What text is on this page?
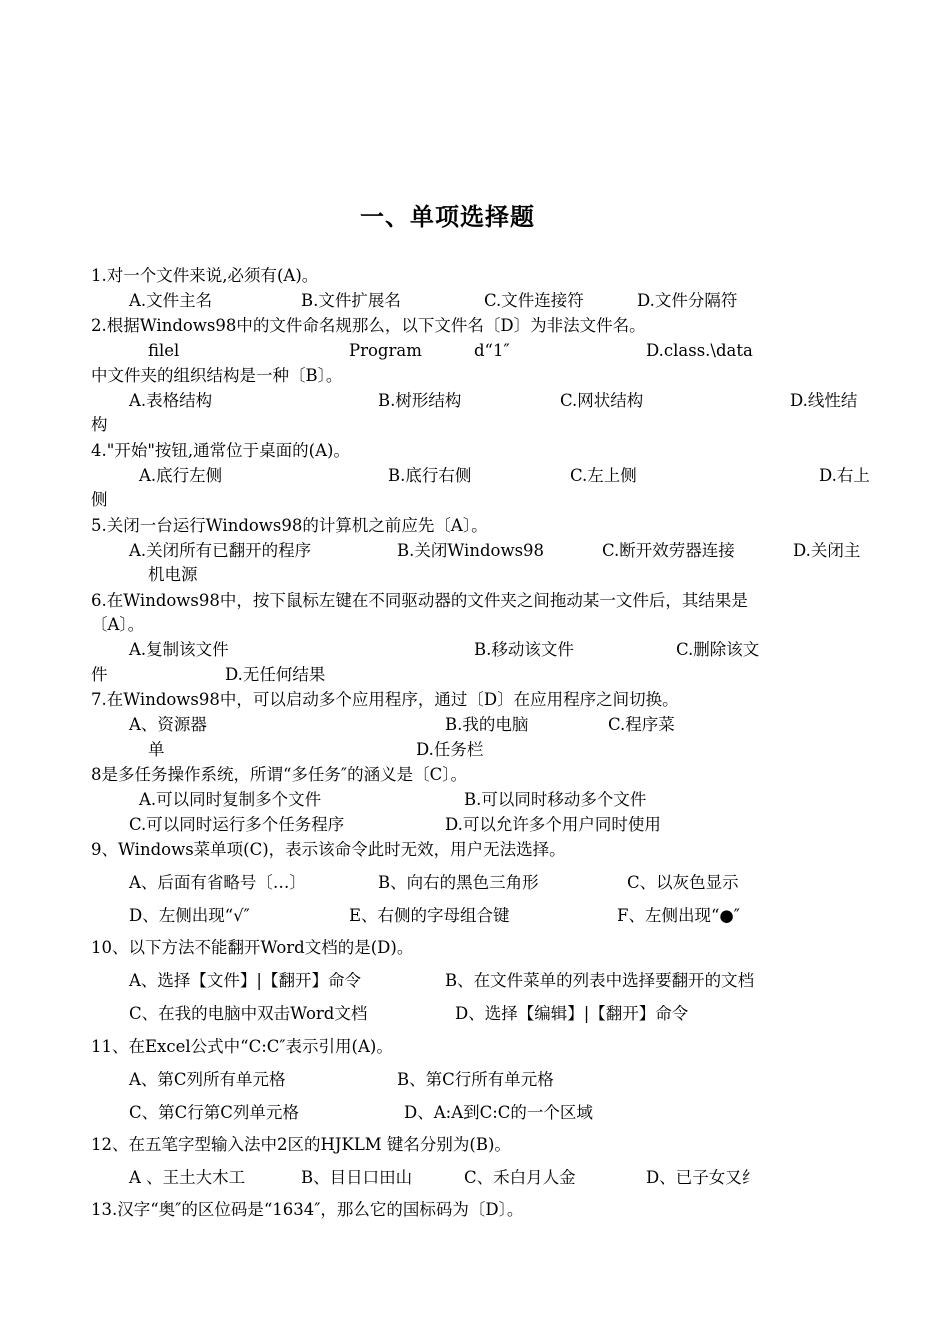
一、单项选择题
1.对一个文件来说,必须有(A)。
A.文件主名	B.文件扩展名	C.文件连接符	D.文件分隔符
2.根据Windows98中的文件命名规那么，以下文件名〔D〕为非法文件名。
filel	Program	d“1″	D.class.\data
中文件夹的组织结构是一种〔B〕。
A.表格结构	B.树形结构	C.网状结构	D.线性结
构
4."开始"按钮,通常位于桌面的(A)。
A.底行左侧	B.底行右侧	C.左上侧	D.右上
侧
5.关闭一台运行Windows98的计算机之前应先〔A〕。
A.关闭所有已翻开的程序	B.关闭Windows98	C.断开效劳器连接	D.关闭主
机电源
6.在Windows98中，按下鼠标左键在不同驱动器的文件夹之间拖动某一文件后，其结果是
〔A〕。
A.复制该文件	B.移动该文件	C.删除该文
件	D.无任何结果
7.在Windows98中，可以启动多个应用程序，通过〔D〕在应用程序之间切换。
A、资源器	B.我的电脑	C.程序菜
单	D.任务栏
8是多任务操作系统，所谓“多任务″的涵义是〔C〕。
A.可以同时复制多个文件	B.可以同时移动多个文件
C.可以同时运行多个任务程序	D.可以允许多个用户同时使用
9、Windows菜单项(C)，表示该命令此时无效，用户无法选择。
A、后面有省略号〔…〕	B、向右的黑色三角形	C、以灰色显示
D、左侧出现“√″	E、右侧的字母组合键	F、左侧出现“●″
10、以下方法不能翻开Word文档的是(D)。
A、选择【文件】|【翻开】命令	B、在文件菜单的列表中选择要翻开的文档
C、在我的电脑中双击Word文档	D、选择【编辑】|【翻开】命令
11、在Excel公式中“C:C″表示引用(A)。
A、第C列所有单元格	B、第C行所有单元格
C、第C行第C列单元格	D、A:A到C:C的一个区域
12、在五笔字型输入法中2区的HJKLM 键名分别为(B)。
A 、王土大木工	B、目日口田山	C、禾白月人金	D、已子女又纟
13.汉字“奥″的区位码是“1634″，那么它的国标码为〔D〕。
